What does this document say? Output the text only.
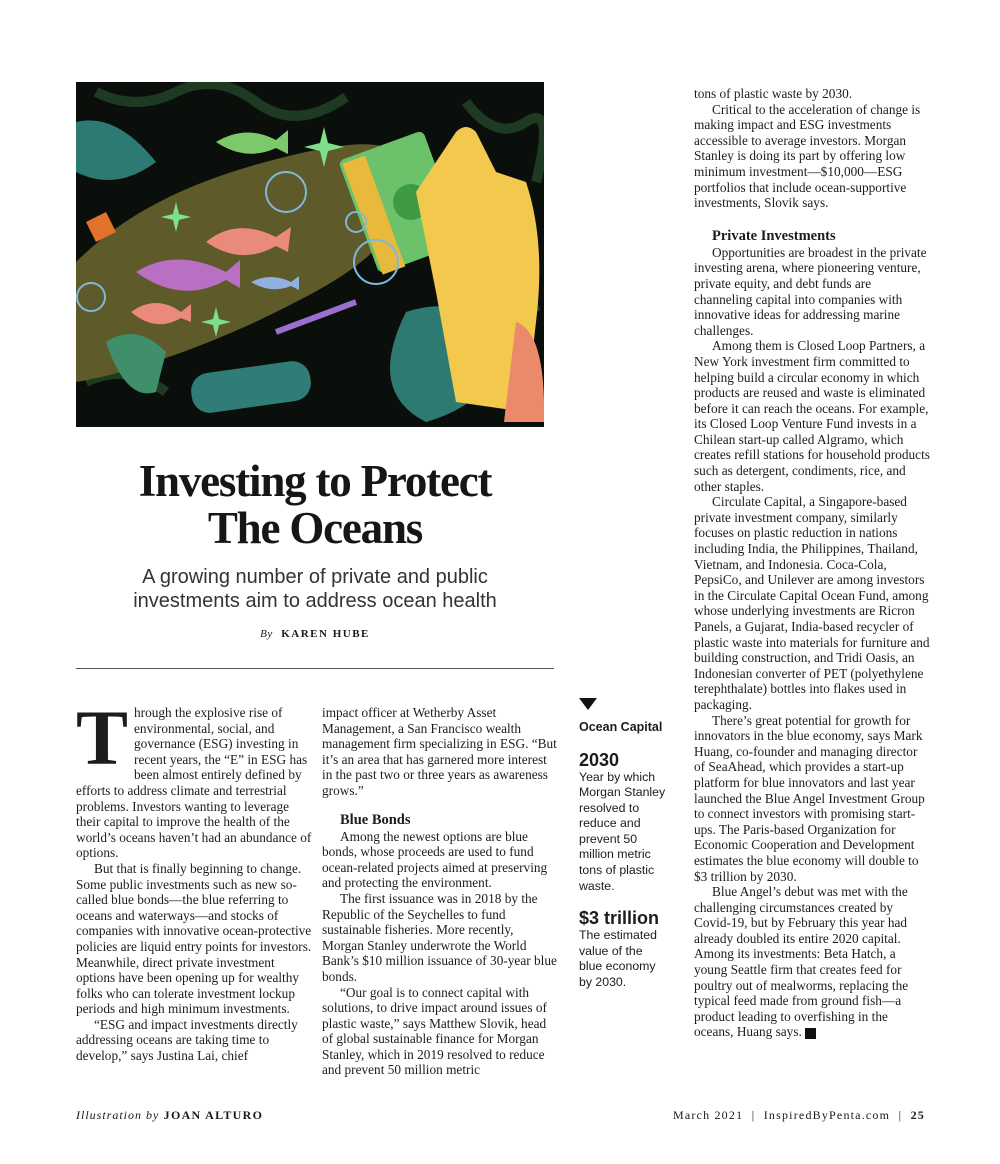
Investing to Protect
The Oceans
A growing number of private and public
investments aim to address ocean health
By KAREN HUBE

Through the explosive rise of environmental, social, and governance (ESG) investing in recent years, the “E” in ESG has been almost entirely defined by efforts to address climate and terrestrial problems. Investors wanting to leverage their capital to improve the health of the world’s oceans haven’t had an abundance of options.

But that is finally beginning to change. Some public investments such as new so-called blue bonds—the blue referring to oceans and waterways—and stocks of companies with innovative ocean-protective policies are liquid entry points for investors. Meanwhile, direct private investment options have been opening up for wealthy folks who can tolerate investment lockup periods and high minimum investments.

“ESG and impact investments directly addressing oceans are taking time to develop,” says Justina Lai, chief

impact officer at Wetherby Asset Management, a San Francisco wealth management firm specializing in ESG. “But it’s an area that has garnered more interest in the past two or three years as awareness grows.”

Blue Bonds

Among the newest options are blue bonds, whose proceeds are used to fund ocean-related projects aimed at preserving and protecting the environment.

The first issuance was in 2018 by the Republic of the Seychelles to fund sustainable fisheries. More recently, Morgan Stanley underwrote the World Bank’s $10 million issuance of 30-year blue bonds.

“Our goal is to connect capital with solutions, to drive impact around issues of plastic waste,” says Matthew Slovik, head of global sustainable finance for Morgan Stanley, which in 2019 resolved to reduce and prevent 50 million metric

Ocean Capital
2030
Year by which Morgan Stanley resolved to reduce and prevent 50 million metric tons of plastic waste.
$3 trillion
The estimated value of the blue economy by 2030.

tons of plastic waste by 2030.

Critical to the acceleration of change is making impact and ESG investments accessible to average investors. Morgan Stanley is doing its part by offering low minimum investment—$10,000—ESG portfolios that include ocean-supportive investments, Slovik says.

Private Investments

Opportunities are broadest in the private investing arena, where pioneering venture, private equity, and debt funds are channeling capital into companies with innovative ideas for addressing marine challenges.

Among them is Closed Loop Partners, a New York investment firm committed to helping build a circular economy in which products are reused and waste is eliminated before it can reach the oceans. For example, its Closed Loop Venture Fund invests in a Chilean start-up called Algramo, which creates refill stations for household products such as detergent, condiments, rice, and other staples.

Circulate Capital, a Singapore-based private investment company, similarly focuses on plastic reduction in nations including India, the Philippines, Thailand, Vietnam, and Indonesia. Coca-Cola, PepsiCo, and Unilever are among investors in the Circulate Capital Ocean Fund, among whose underlying investments are Ricron Panels, a Gujarat, India-based recycler of plastic waste into materials for furniture and building construction, and Tridi Oasis, an Indonesian converter of PET (polyethylene terephthalate) bottles into flakes used in packaging.

There’s great potential for growth for innovators in the blue economy, says Mark Huang, co-founder and managing director of SeaAhead, which provides a start-up platform for blue innovators and last year launched the Blue Angel Investment Group to connect investors with promising start-ups. The Paris-based Organization for Economic Cooperation and Development estimates the blue economy will double to $3 trillion by 2030.

Blue Angel’s debut was met with the challenging circumstances created by Covid-19, but by February this year had already doubled its entire 2020 capital. Among its investments: Beta Hatch, a young Seattle firm that creates feed for poultry out of mealworms, replacing the typical feed made from ground fish—a product leading to overfishing in the oceans, Huang says. P

Illustration by JOAN ALTURO	March 2021 | InspiredByPenta.com | 25
